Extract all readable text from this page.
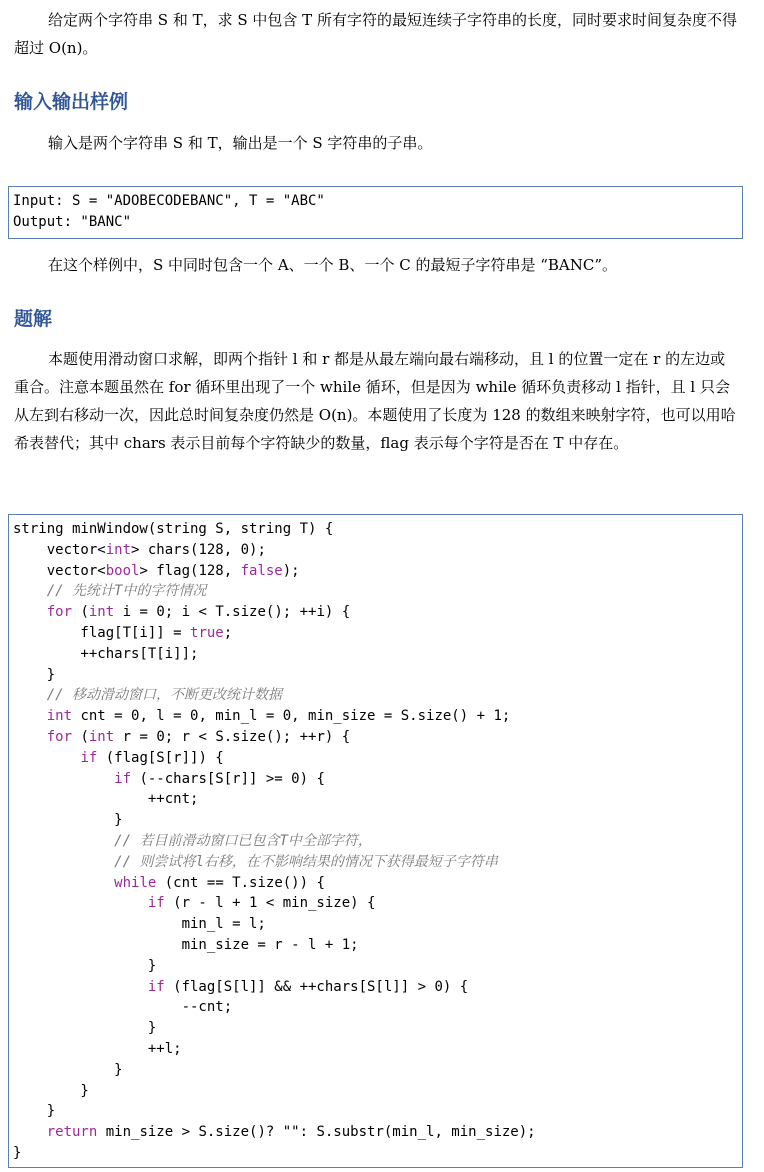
给定两个字符串 S 和 T，求 S 中包含 T 所有字符的最短连续子字符串的长度，同时要求时间复杂度不得超过 O(n)。

输入输出样例

输入是两个字符串 S 和 T，输出是一个 S 字符串的子串。

Input: S = "ADOBECODEBANC", T = "ABC"
Output: "BANC"

在这个样例中，S 中同时包含一个 A、一个 B、一个 C 的最短子字符串是 “BANC”。

题解

本题使用滑动窗口求解，即两个指针 l 和 r 都是从最左端向最右端移动，且 l 的位置一定在 r 的左边或重合。注意本题虽然在 for 循环里出现了一个 while 循环，但是因为 while 循环负责移动 l 指针，且 l 只会从左到右移动一次，因此总时间复杂度仍然是 O(n)。本题使用了长度为 128 的数组来映射字符，也可以用哈希表替代；其中 chars 表示目前每个字符缺少的数量，flag 表示每个字符是否在 T 中存在。

string minWindow(string S, string T) {
vector<int> chars(128, 0);
vector<bool> flag(128, false);
// 先统计T中的字符情况
for (int i = 0; i < T.size(); ++i) {
flag[T[i]] = true;
++chars[T[i]];
}
// 移动滑动窗口，不断更改统计数据
int cnt = 0, l = 0, min_l = 0, min_size = S.size() + 1;
for (int r = 0; r < S.size(); ++r) {
if (flag[S[r]]) {
if (--chars[S[r]] >= 0) {
++cnt;
}
// 若目前滑动窗口已包含T中全部字符，
// 则尝试将l右移，在不影响结果的情况下获得最短子字符串
while (cnt == T.size()) {
if (r - l + 1 < min_size) {
min_l = l;
min_size = r - l + 1;
}
if (flag[S[l]] && ++chars[S[l]] > 0) {
--cnt;
}
++l;
}
}
}
return min_size > S.size()? "": S.substr(min_l, min_size);
}
